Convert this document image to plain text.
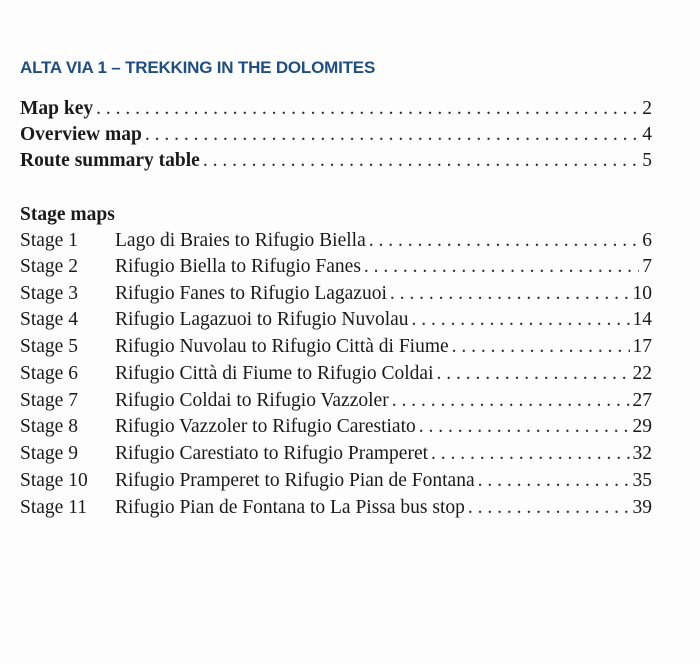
ALTA VIA 1 – TREKKING IN THE DOLOMITES
Map key . . .	2
Overview map . . .	4
Route summary table . . .	5
Stage maps
Stage 1	Lago di Braies to Rifugio Biella . . .	6
Stage 2	Rifugio Biella to Rifugio Fanes . . .	7
Stage 3	Rifugio Fanes to Rifugio Lagazuoi . . .	10
Stage 4	Rifugio Lagazuoi to Rifugio Nuvolau . . .	14
Stage 5	Rifugio Nuvolau to Rifugio Città di Fiume . . .	17
Stage 6	Rifugio Città di Fiume to Rifugio Coldai . . .	22
Stage 7	Rifugio Coldai to Rifugio Vazzoler . . .	27
Stage 8	Rifugio Vazzoler to Rifugio Carestiato . . .	29
Stage 9	Rifugio Carestiato to Rifugio Pramperet . . .	32
Stage 10	Rifugio Pramperet to Rifugio Pian de Fontana . . .	35
Stage 11	Rifugio Pian de Fontana to La Pissa bus stop . . .	39
